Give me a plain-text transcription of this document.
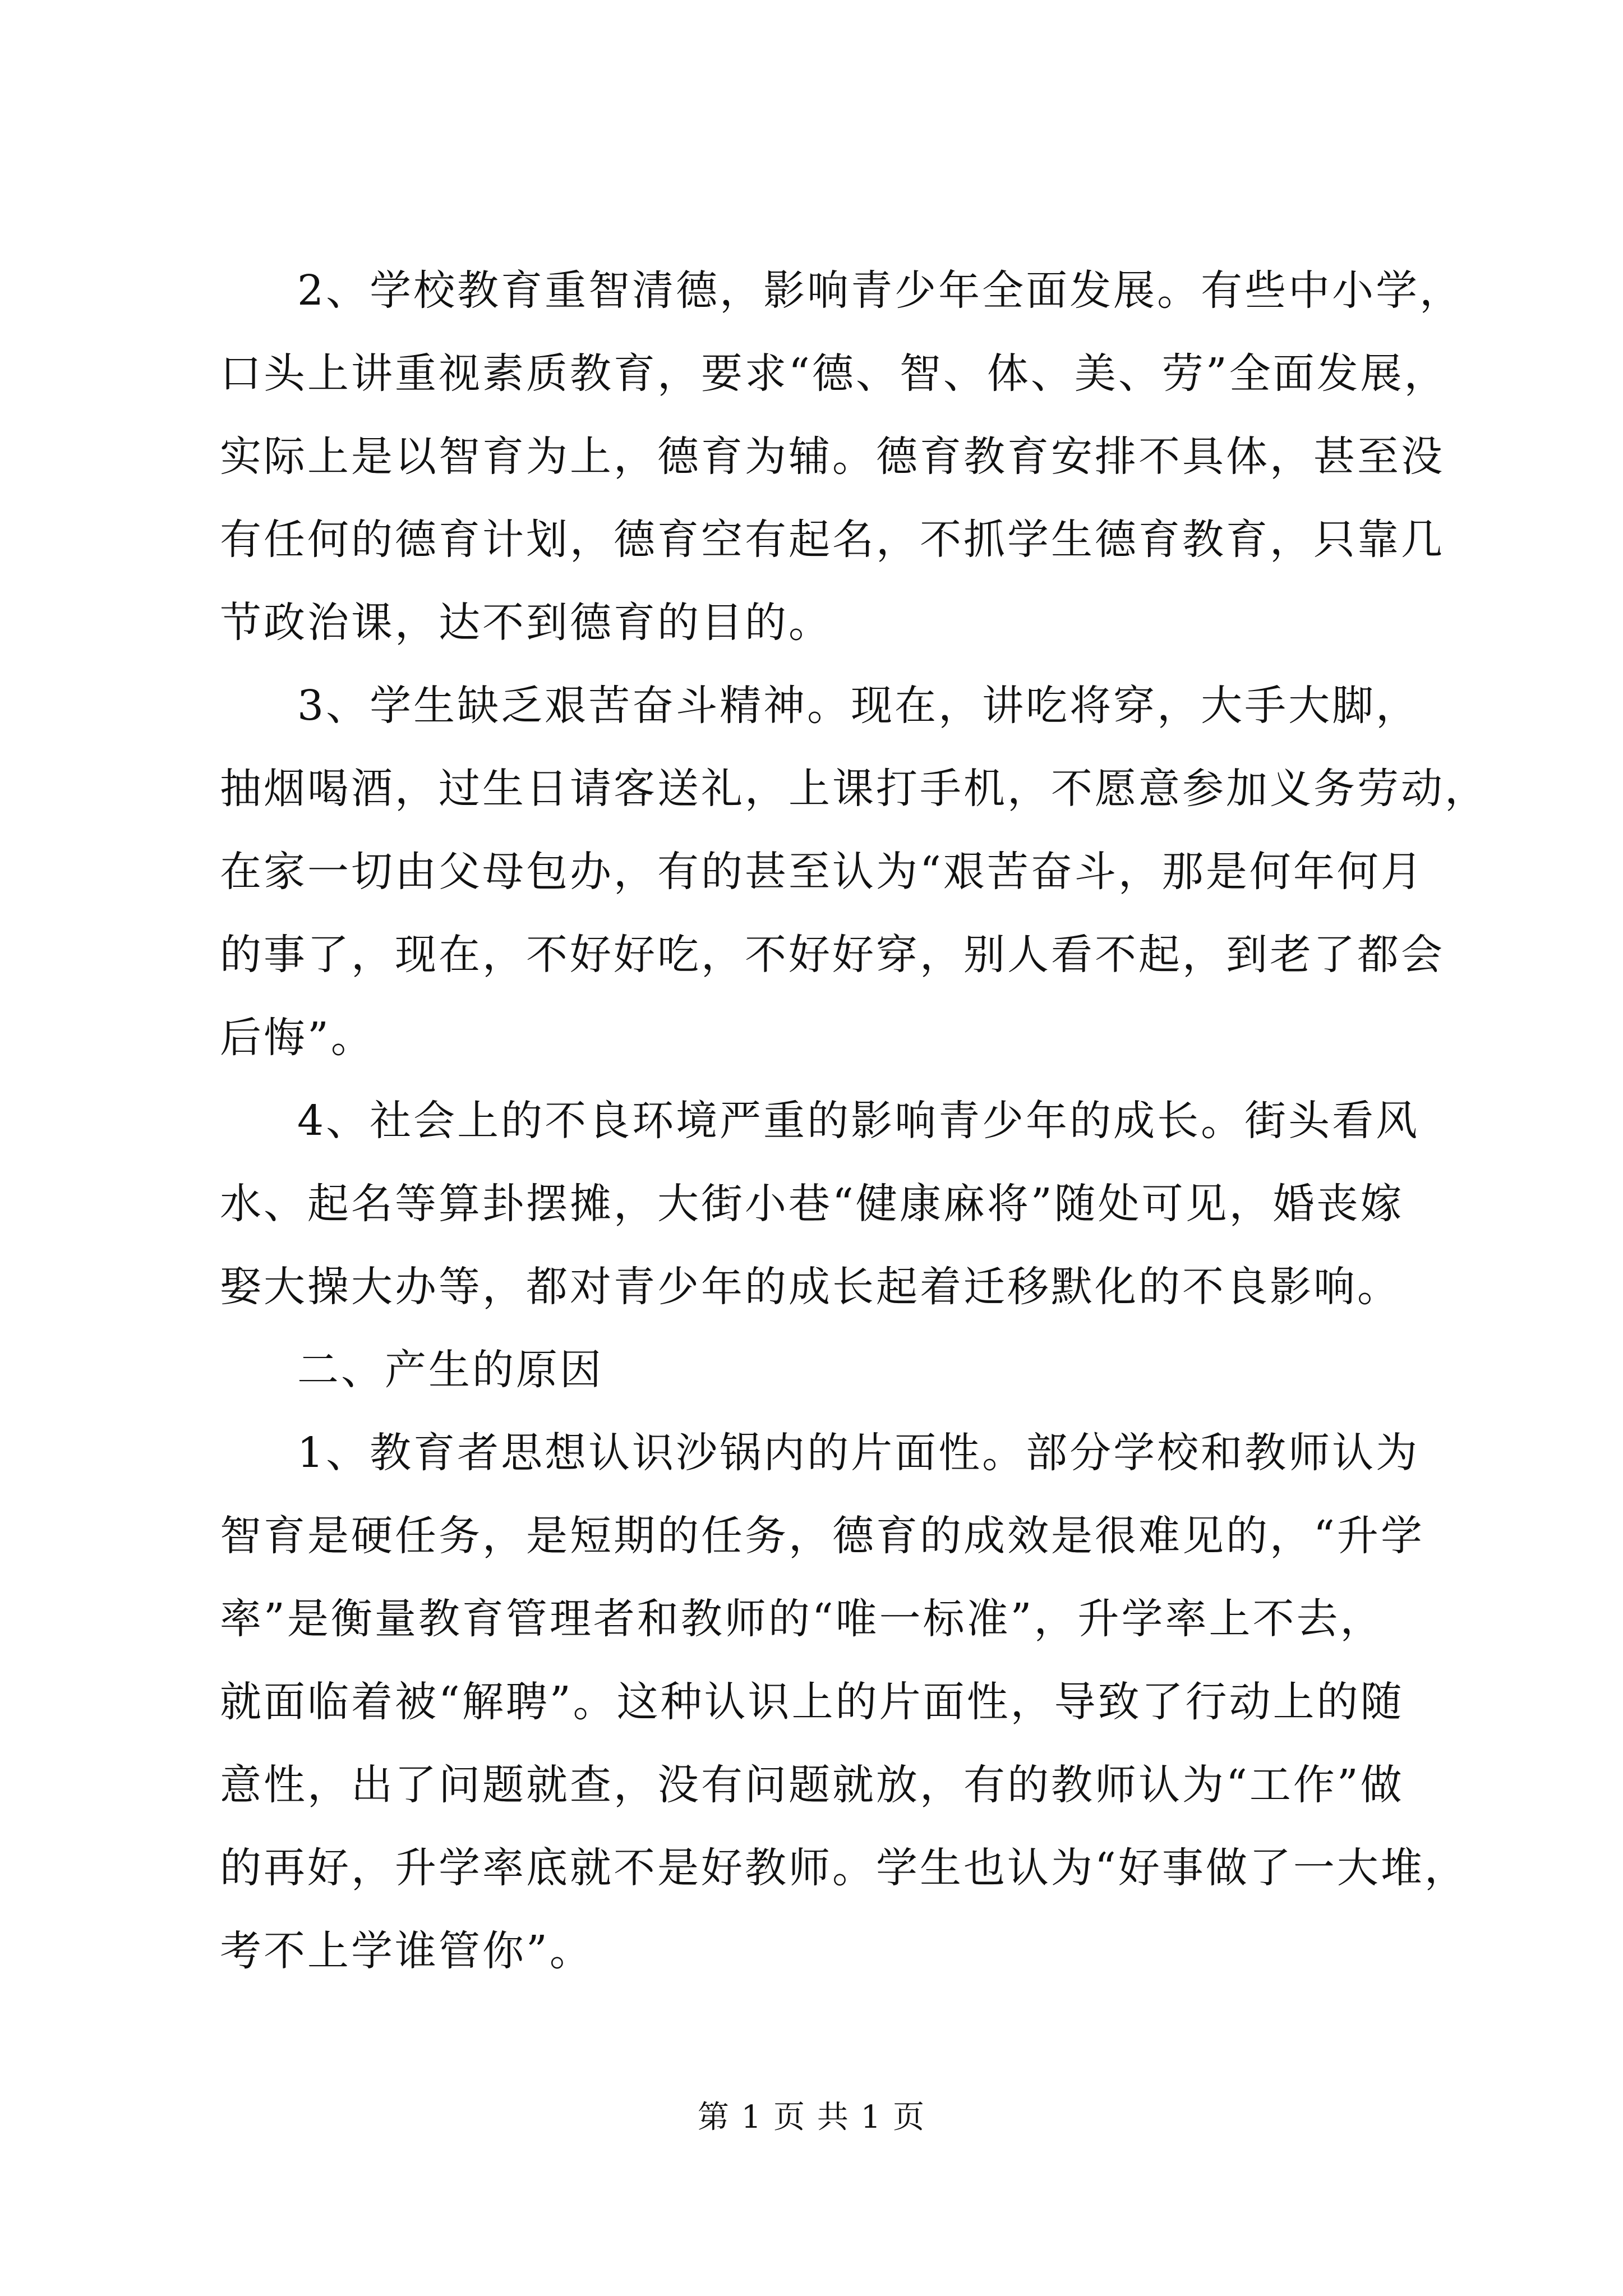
2、学校教育重智清德，影响青少年全面发展。有些中小学，
口头上讲重视素质教育，要求“德、智、体、美、劳”全面发展，
实际上是以智育为上，德育为辅。德育教育安排不具体，甚至没
有任何的德育计划，德育空有起名，不抓学生德育教育，只靠几
节政治课，达不到德育的目的。
3、学生缺乏艰苦奋斗精神。现在，讲吃将穿，大手大脚，
抽烟喝酒，过生日请客送礼，上课打手机，不愿意参加义务劳动，
在家一切由父母包办，有的甚至认为“艰苦奋斗，那是何年何月
的事了，现在，不好好吃，不好好穿，别人看不起，到老了都会
后悔”。
4、社会上的不良环境严重的影响青少年的成长。街头看风
水、起名等算卦摆摊，大街小巷“健康麻将”随处可见，婚丧嫁
娶大操大办等，都对青少年的成长起着迁移默化的不良影响。
二、产生的原因
1、教育者思想认识沙锅内的片面性。部分学校和教师认为
智育是硬任务，是短期的任务，德育的成效是很难见的，“升学
率”是衡量教育管理者和教师的“唯一标准”，升学率上不去，
就面临着被“解聘”。这种认识上的片面性，导致了行动上的随
意性，出了问题就查，没有问题就放，有的教师认为“工作”做
的再好，升学率底就不是好教师。学生也认为“好事做了一大堆，
考不上学谁管你”。
第 1 页 共 1 页
